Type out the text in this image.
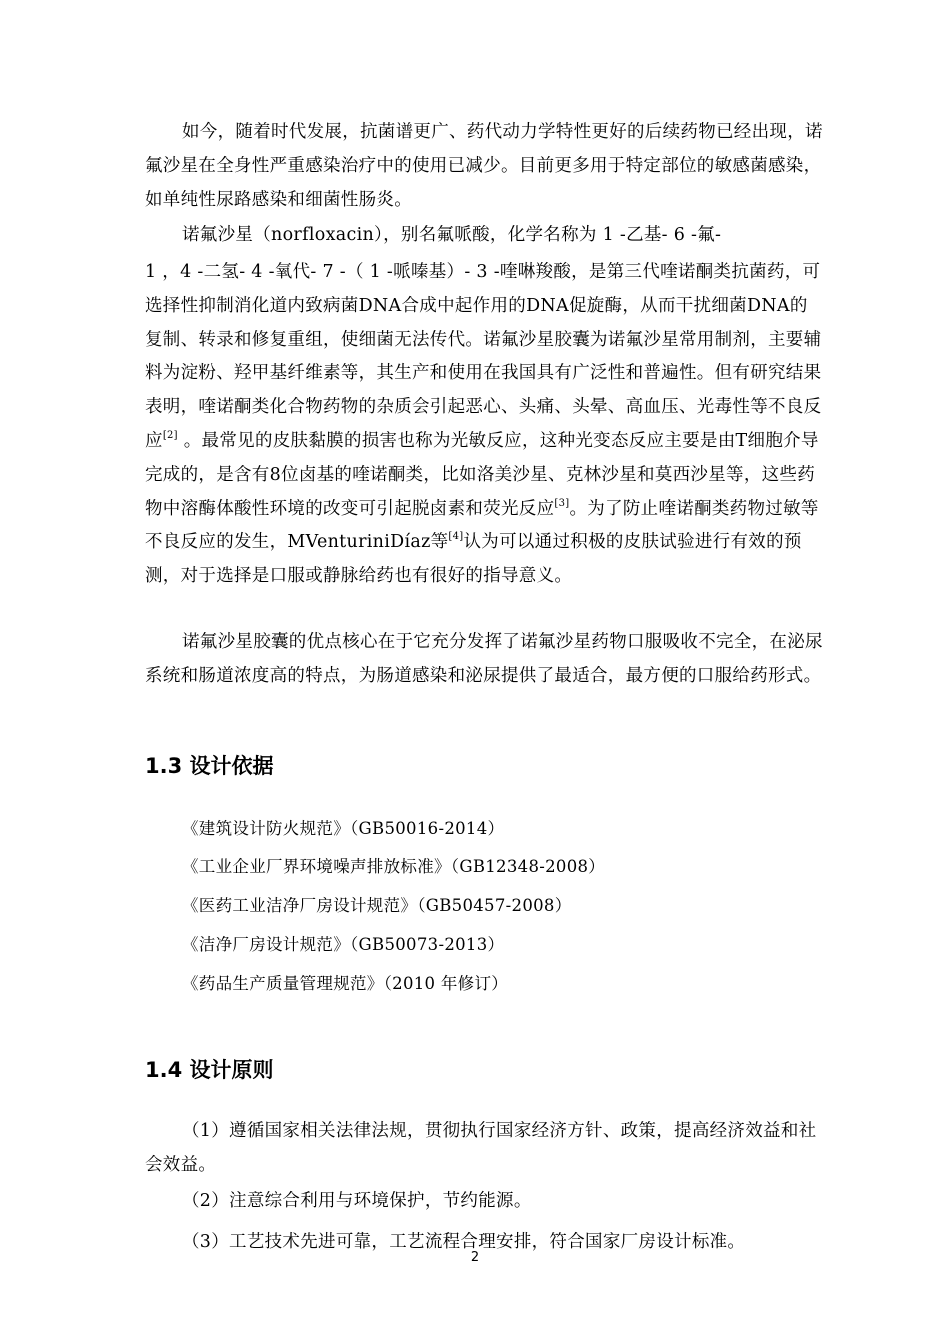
如今，随着时代发展，抗菌谱更广、药代动力学特性更好的后续药物已经出现，诺氟沙星在全身性严重感染治疗中的使用已减少。目前更多用于特定部位的敏感菌感染，如单纯性尿路感染和细菌性肠炎。

诺氟沙星（norfloxacin），别名氟哌酸，化学名称为 1 -乙基- 6 -氟-

1 ，4 -二氢- 4 -氧代- 7 -（ 1 -哌嗪基）- 3 -喹啉羧酸，是第三代喹诺酮类抗菌药，可选择性抑制消化道内致病菌DNA合成中起作用的DNA促旋酶，从而干扰细菌DNA的复制、转录和修复重组，使细菌无法传代。诺氟沙星胶囊为诺氟沙星常用制剂，主要辅料为淀粉、羟甲基纤维素等，其生产和使用在我国具有广泛性和普遍性。但有研究结果表明，喹诺酮类化合物药物的杂质会引起恶心、头痛、头晕、高血压、光毒性等不良反应[2] 。最常见的皮肤黏膜的损害也称为光敏反应，这种光变态反应主要是由T细胞介导完成的，是含有8位卤基的喹诺酮类，比如洛美沙星、克林沙星和莫西沙星等，这些药物中溶酶体酸性环境的改变可引起脱卤素和荧光反应[3]。为了防止喹诺酮类药物过敏等不良反应的发生，MVenturiniDíaz等[4]认为可以通过积极的皮肤试验进行有效的预测，对于选择是口服或静脉给药也有很好的指导意义。

诺氟沙星胶囊的优点核心在于它充分发挥了诺氟沙星药物口服吸收不完全，在泌尿系统和肠道浓度高的特点，为肠道感染和泌尿提供了最适合，最方便的口服给药形式。

1.3 设计依据

《建筑设计防火规范》（GB50016-2014）

《工业企业厂界环境噪声排放标准》（GB12348-2008）

《医药工业洁净厂房设计规范》（GB50457-2008）

《洁净厂房设计规范》（GB50073-2013）

《药品生产质量管理规范》（2010 年修订）

1.4 设计原则

（1）遵循国家相关法律法规，贯彻执行国家经济方针、政策，提高经济效益和社会效益。

（2）注意综合利用与环境保护，节约能源。

（3）工艺技术先进可靠，工艺流程合理安排，符合国家厂房设计标准。

2
